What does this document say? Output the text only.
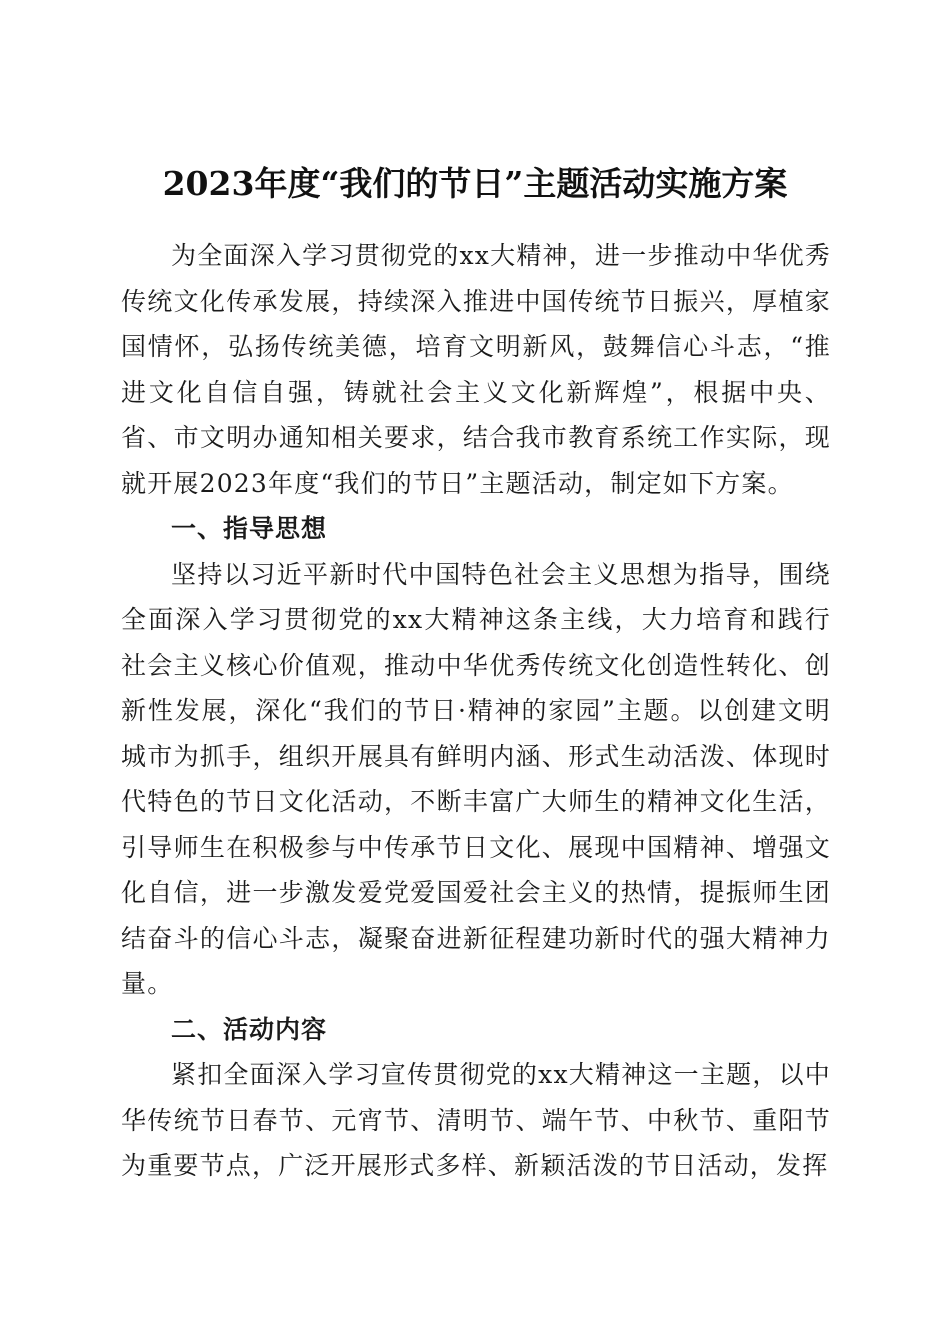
2023年度“我们的节日”主题活动实施方案

为全面深入学习贯彻党的xx大精神，进一步推动中华优秀传统文化传承发展，持续深入推进中国传统节日振兴，厚植家国情怀，弘扬传统美德，培育文明新风，鼓舞信心斗志，“推进文化自信自强，铸就社会主义文化新辉煌”，根据中央、省、市文明办通知相关要求，结合我市教育系统工作实际，现就开展2023年度“我们的节日”主题活动，制定如下方案。

一、指导思想

坚持以习近平新时代中国特色社会主义思想为指导，围绕全面深入学习贯彻党的xx大精神这条主线，大力培育和践行社会主义核心价值观，推动中华优秀传统文化创造性转化、创新性发展，深化“我们的节日·精神的家园”主题。以创建文明城市为抓手，组织开展具有鲜明内涵、形式生动活泼、体现时代特色的节日文化活动，不断丰富广大师生的精神文化生活，引导师生在积极参与中传承节日文化、展现中国精神、增强文化自信，进一步激发爱党爱国爱社会主义的热情，提振师生团结奋斗的信心斗志，凝聚奋进新征程建功新时代的强大精神力量。

二、活动内容

紧扣全面深入学习宣传贯彻党的xx大精神这一主题，以中华传统节日春节、元宵节、清明节、端午节、中秋节、重阳节为重要节点，广泛开展形式多样、新颖活泼的节日活动，发挥
